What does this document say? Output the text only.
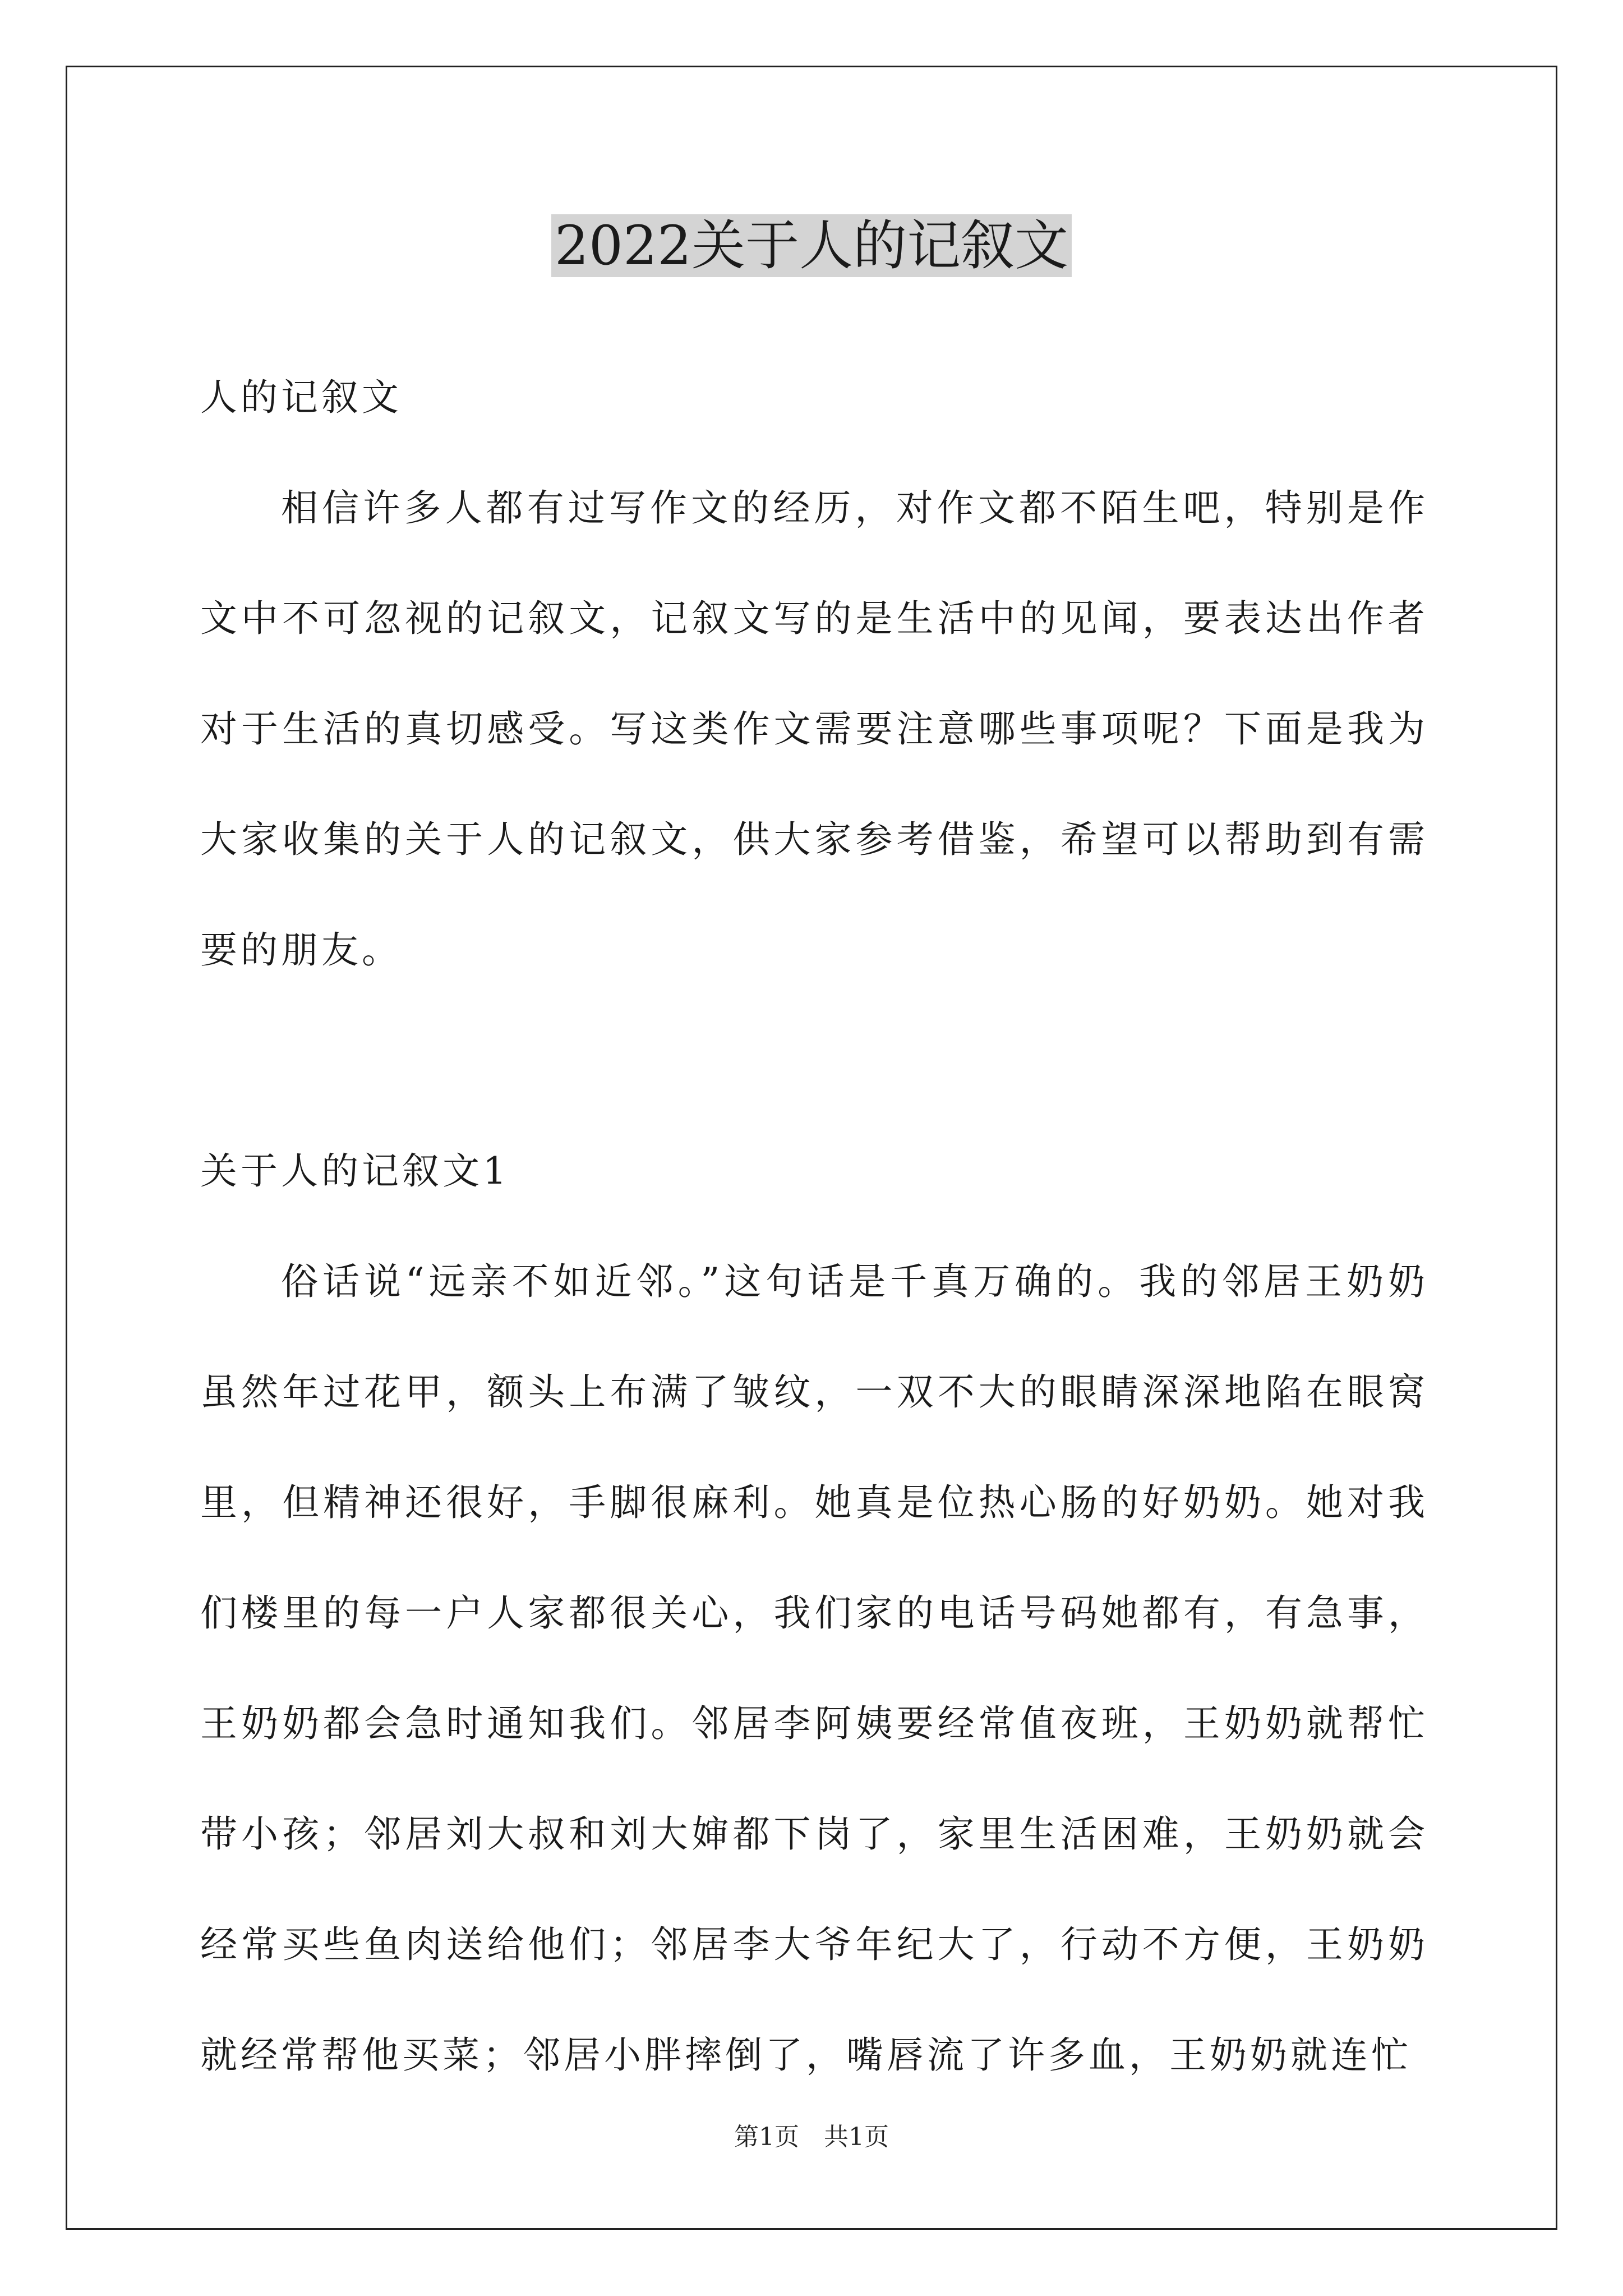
2022关于人的记叙文

人的记叙文

相信许多人都有过写作文的经历，对作文都不陌生吧，特别是作文中不可忽视的记叙文，记叙文写的是生活中的见闻，要表达出作者对于生活的真切感受。写这类作文需要注意哪些事项呢？下面是我为大家收集的关于人的记叙文，供大家参考借鉴，希望可以帮助到有需要的朋友。

关于人的记叙文1

俗话说“远亲不如近邻。”这句话是千真万确的。我的邻居王奶奶虽然年过花甲，额头上布满了皱纹，一双不大的眼睛深深地陷在眼窝里，但精神还很好，手脚很麻利。她真是位热心肠的好奶奶。她对我们楼里的每一户人家都很关心，我们家的电话号码她都有，有急事，王奶奶都会急时通知我们。邻居李阿姨要经常值夜班，王奶奶就帮忙带小孩；邻居刘大叔和刘大婶都下岗了，家里生活困难，王奶奶就会经常买些鱼肉送给他们；邻居李大爷年纪大了，行动不方便，王奶奶就经常帮他买菜；邻居小胖摔倒了，嘴唇流了许多血，王奶奶就连忙

第1页　共1页
